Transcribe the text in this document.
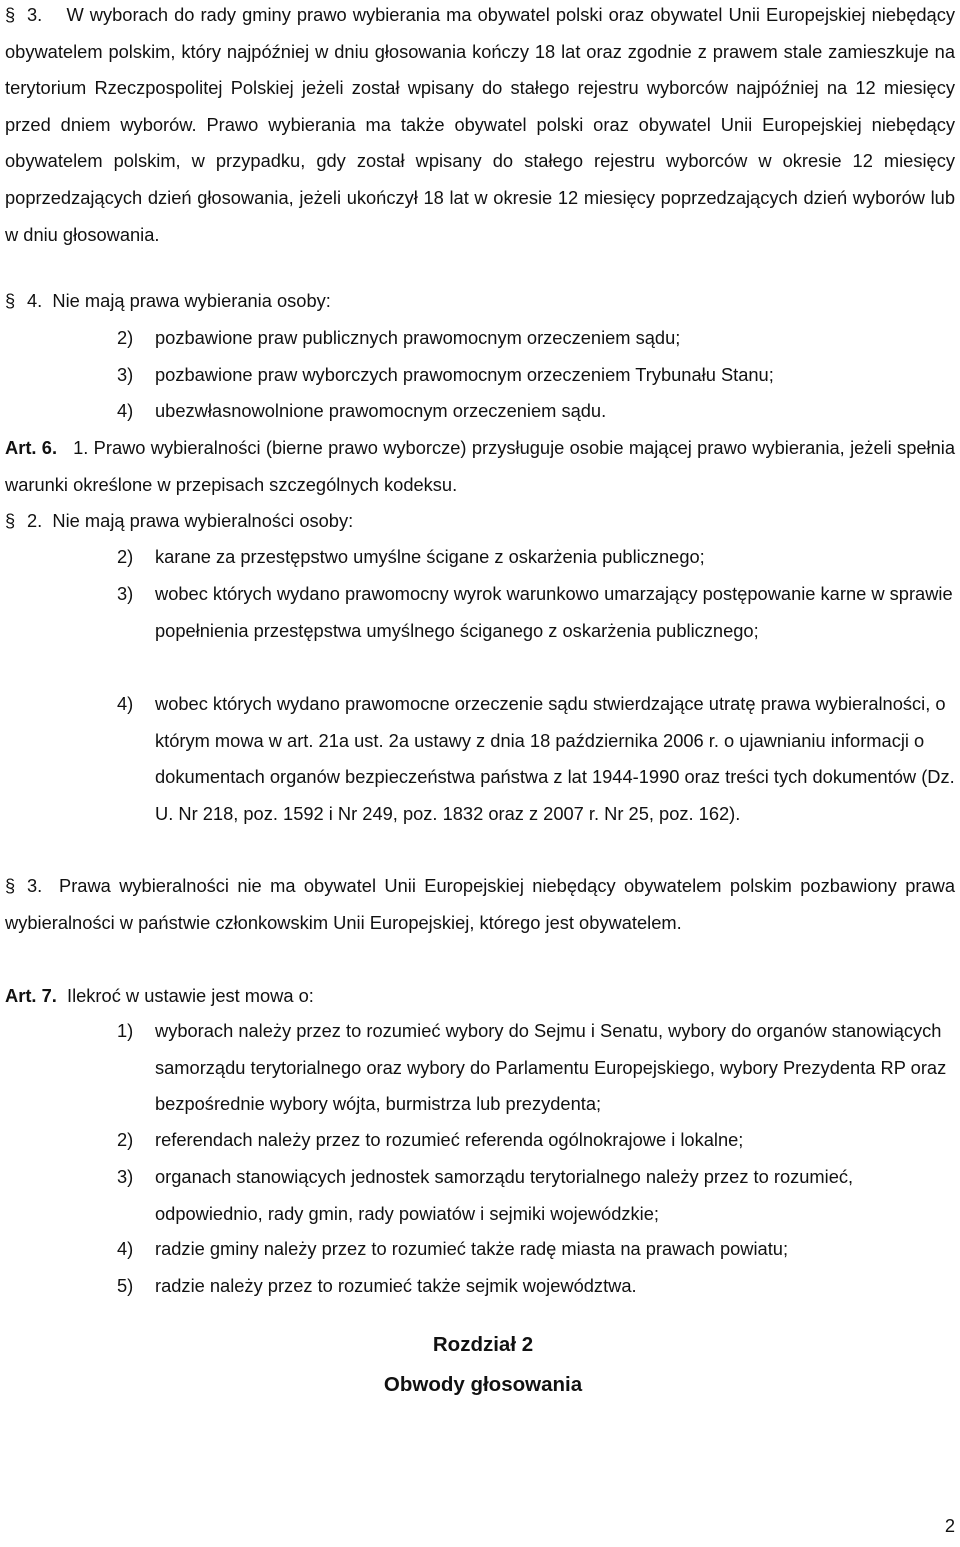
§ 3. W wyborach do rady gminy prawo wybierania ma obywatel polski oraz obywatel Unii Europejskiej niebędący obywatelem polskim, który najpóźniej w dniu głosowania kończy 18 lat oraz zgodnie z prawem stale zamieszkuje na terytorium Rzeczpospolitej Polskiej jeżeli został wpisany do stałego rejestru wyborców najpóźniej na 12 miesięcy przed dniem wyborów. Prawo wybierania ma także obywatel polski oraz obywatel Unii Europejskiej niebędący obywatelem polskim, w przypadku, gdy został wpisany do stałego rejestru wyborców w okresie 12 miesięcy poprzedzających dzień głosowania, jeżeli ukończył 18 lat w okresie 12 miesięcy poprzedzających dzień wyborów lub w dniu głosowania.

§ 4. Nie mają prawa wybierania osoby:

2) pozbawione praw publicznych prawomocnym orzeczeniem sądu;

3) pozbawione praw wyborczych prawomocnym orzeczeniem Trybunału Stanu;

4) ubezwłasnowolnione prawomocnym orzeczeniem sądu.

Art. 6. 1. Prawo wybieralności (bierne prawo wyborcze) przysługuje osobie mającej prawo wybierania, jeżeli spełnia warunki określone w przepisach szczególnych kodeksu.

§ 2. Nie mają prawa wybieralności osoby:

2) karane za przestępstwo umyślne ścigane z oskarżenia publicznego;

3) wobec których wydano prawomocny wyrok warunkowo umarzający postępowanie karne w sprawie popełnienia przestępstwa umyślnego ściganego z oskarżenia publicznego;

4) wobec których wydano prawomocne orzeczenie sądu stwierdzające utratę prawa wybieralności, o którym mowa w art. 21a ust. 2a ustawy z dnia 18 października 2006 r. o ujawnianiu informacji o dokumentach organów bezpieczeństwa państwa z lat 1944-1990 oraz treści tych dokumentów (Dz. U. Nr 218, poz. 1592 i Nr 249, poz. 1832 oraz z 2007 r. Nr 25, poz. 162).

§ 3. Prawa wybieralności nie ma obywatel Unii Europejskiej niebędący obywatelem polskim pozbawiony prawa wybieralności w państwie członkowskim Unii Europejskiej, którego jest obywatelem.

Art. 7. Ilekroć w ustawie jest mowa o:

1) wyborach należy przez to rozumieć wybory do Sejmu i Senatu, wybory do organów stanowiących samorządu terytorialnego oraz wybory do Parlamentu Europejskiego, wybory Prezydenta RP oraz bezpośrednie wybory wójta, burmistrza lub prezydenta;

2) referendach należy przez to rozumieć referenda ogólnokrajowe i lokalne;

3) organach stanowiących jednostek samorządu terytorialnego należy przez to rozumieć, odpowiednio, rady gmin, rady powiatów i sejmiki wojewódzkie;

4) radzie gminy należy przez to rozumieć także radę miasta na prawach powiatu;

5) radzie należy przez to rozumieć także sejmik województwa.

Rozdział 2

Obwody głosowania

2
